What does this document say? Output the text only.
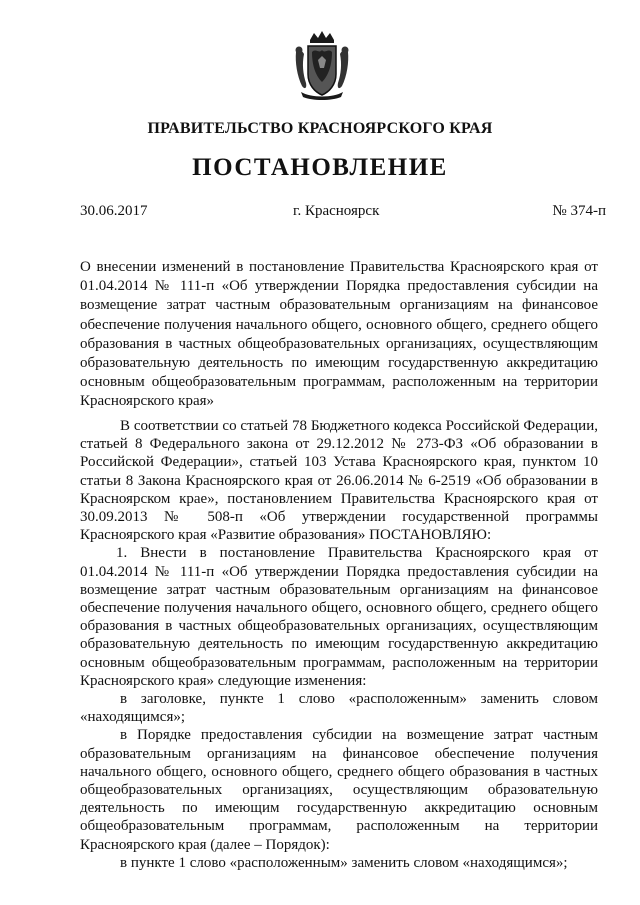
ПРАВИТЕЛЬСТВО КРАСНОЯРСКОГО КРАЯ
ПОСТАНОВЛЕНИЕ
30.06.2017	г. Красноярск	№ 374-п
О внесении изменений в постановление Правительства Красноярского края от 01.04.2014 № 111-п «Об утверждении Порядка предоставления субсидии на возмещение затрат частным образовательным организациям на финансовое обеспечение получения начального общего, основного общего, среднего общего образования в частных общеобразовательных организациях, осуществляющим образовательную деятельность по имеющим государственную аккредитацию основным общеобразовательным программам, расположенным на территории Красноярского края»

В соответствии со статьей 78 Бюджетного кодекса Российской Федерации, статьей 8 Федерального закона от 29.12.2012 № 273-ФЗ «Об образовании в Российской Федерации», статьей 103 Устава Красноярского края, пунктом 10 статьи 8 Закона Красноярского края от 26.06.2014 № 6-2519 «Об образовании в Красноярском крае», постановлением Правительства Красноярского края от 30.09.2013 № 508-п «Об утверждении государственной программы Красноярского края «Развитие образования» ПОСТАНОВЛЯЮ:

1. Внести в постановление Правительства Красноярского края от 01.04.2014 № 111-п «Об утверждении Порядка предоставления субсидии на возмещение затрат частным образовательным организациям на финансовое обеспечение получения начального общего, основного общего, среднего общего образования в частных общеобразовательных организациях, осуществляющим образовательную деятельность по имеющим государственную аккредитацию основным общеобразовательным программам, расположенным на территории Красноярского края» следующие изменения:

в заголовке, пункте 1 слово «расположенным» заменить словом «находящимся»;

в Порядке предоставления субсидии на возмещение затрат частным образовательным организациям на финансовое обеспечение получения начального общего, основного общего, среднего общего образования в частных общеобразовательных организациях, осуществляющим образовательную деятельность по имеющим государственную аккредитацию основным общеобразовательным программам, расположенным на территории Красноярского края (далее – Порядок):

в пункте 1 слово «расположенным» заменить словом «находящимся»;
